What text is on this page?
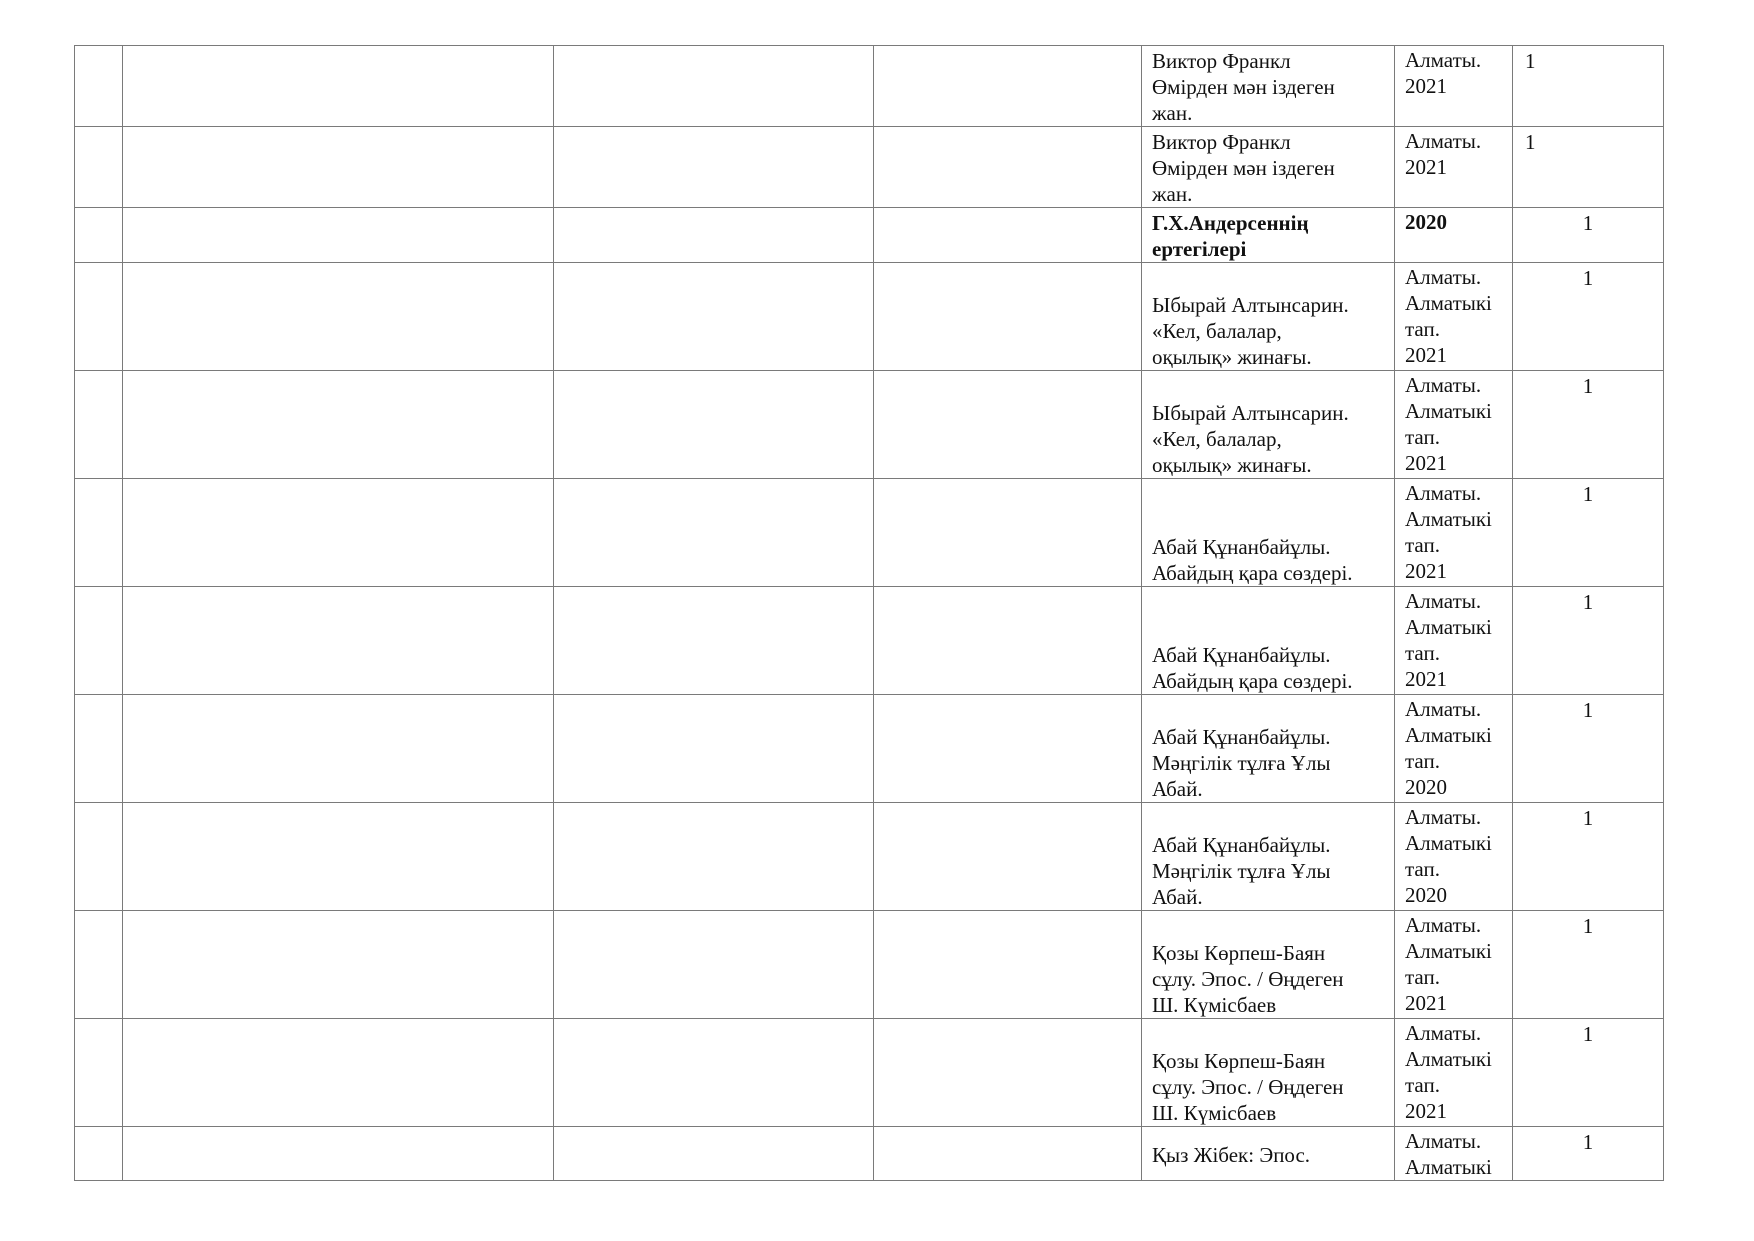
				Виктор Франкл
Өмірден мән іздеген
жан.	Алматы.
2021	1

				Виктор Франкл
Өмірден мән іздеген
жан.	Алматы.
2021	1

				Г.Х.Андерсеннің
ертегілері	2020	1

				Ыбырай Алтынсарин.
«Кел, балалар,
оқылық» жинағы.	Алматы.
Алматыкі
тап.
2021	1

				Ыбырай Алтынсарин.
«Кел, балалар,
оқылық» жинағы.	Алматы.
Алматыкі
тап.
2021	1

				Абай Құнанбайұлы.
Абайдың қара сөздері.	Алматы.
Алматыкі
тап.
2021	1

				Абай Құнанбайұлы.
Абайдың қара сөздері.	Алматы.
Алматыкі
тап.
2021	1

				Абай Құнанбайұлы.
Мәңгілік тұлға Ұлы
Абай.	Алматы.
Алматыкі
тап.
2020	1

				Абай Құнанбайұлы.
Мәңгілік тұлға Ұлы
Абай.	Алматы.
Алматыкі
тап.
2020	1

				Қозы Көрпеш-Баян
сұлу. Эпос. / Өңдеген
Ш. Күмісбаев	Алматы.
Алматыкі
тап.
2021	1

				Қозы Көрпеш-Баян
сұлу. Эпос. / Өңдеген
Ш. Күмісбаев	Алматы.
Алматыкі
тап.
2021	1

				Қыз Жібек: Эпос.	Алматы.
Алматыкі	1
